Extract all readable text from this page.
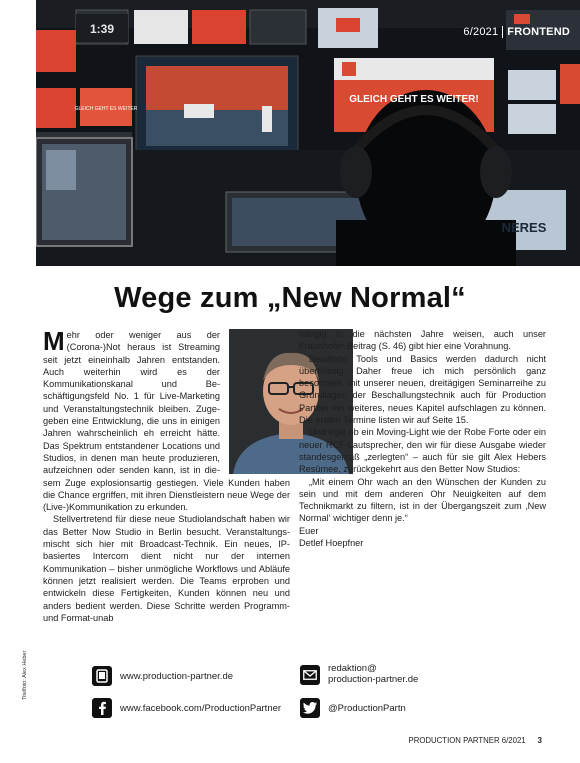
1:39
GLEICH GEHT ES WEITER!
GLEICH GEHT ES WEITER
NERES
6/2021 FRONTEND
Wege zum „New Normal“

Mehr oder weniger aus der (Corona-)Not heraus ist Streaming seit jetzt eineinhalb Jahren entstanden. Auch weiterhin wird es der Kommunikationskanal und Beschäftigungsfeld No. 1 für Live-Marketing und Veranstaltungstechnik bleiben. Zugegeben eine Entwicklung, die uns in einigen Jahren wahrscheinlich eh erreicht hätte. Das Spektrum entstandener Locations und Studios, in denen man heute produzieren, aufzeichnen oder senden kann, ist in diesem Zuge explosionsartig gestiegen. Viele Kunden haben die Chance ergriffen, mit ihren Dienstleistern neue Wege der (Live-)Kommunikation zu erkunden.

Stellvertretend für diese neue Studiolandschaft haben wir das Better Now Studio in Berlin besucht. Veranstaltungsmischt sich hier mit Broadcast-Technik. Ein neues, IP-basiertes Intercom dient nicht nur der internen Kommunikation – bisher unmögliche Workflows und Abläufe können jetzt realisiert werden. Die Teams erproben und entwickeln diese Fertigkeiten, Kunden können neu und anders bedient werden. Diese Schritte werden Programm- und Format-unab

hängig in die nächsten Jahre weisen, auch unser Fraunhofer-Beitrag (S. 46) gibt hier eine Vorahnung.

Bewährte Tools und Basics werden dadurch nicht überflüssig. Daher freue ich mich persönlich ganz besonders, mit unserer neuen, dreitägigen Seminarreihe zu Grundlagen der Beschallungstechnik auch für Production Partner ein weiteres, neues Kapitel aufschlagen zu können. Die ersten Termine listen wir auf Seite 15.

Und egal ob ein Moving-Light wie der Robe Forte oder ein neuer RCF-Lautsprecher, den wir für diese Ausgabe wieder standesgemäß „zerlegten“ – auch für sie gilt Alex Hebers Resümee, zurückgekehrt aus den Better Now Studios:

„Mit einem Ohr wach an den Wünschen der Kunden zu sein und mit dem anderen Ohr Neuigkeiten auf dem Technikmarkt zu filtern, ist in der Übergangszeit zum ‚New Normal‘ wichtiger denn je.“

Euer

Detlef Hoepfner

www.production-partner.de
www.facebook.com/ProductionPartner
redaktion@
production-partner.de
@ProductionPartn
Titelfoto: Alex Heber
PRODUCTION PARTNER 6/2021 3
